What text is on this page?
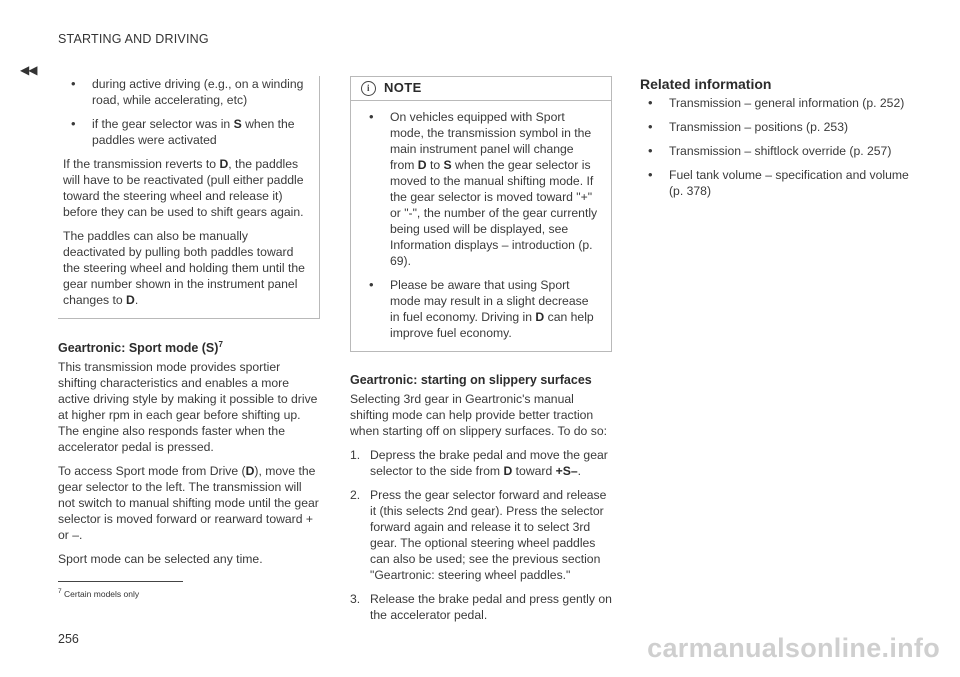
STARTING AND DRIVING
◀◀
• during active driving (e.g., on a winding road, while accelerating, etc)
• if the gear selector was in S when the paddles were activated

If the transmission reverts to D, the paddles will have to be reactivated (pull either paddle toward the steering wheel and release it) before they can be used to shift gears again.

The paddles can also be manually deactivated by pulling both paddles toward the steering wheel and holding them until the gear number shown in the instrument panel changes to D.

Geartronic: Sport mode $(S)^7$

This transmission mode provides sportier shifting characteristics and enables a more active driving style by making it possible to drive at higher rpm in each gear before shifting up. The engine also responds faster when the accelerator pedal is pressed.

To access Sport mode from Drive (D), move the gear selector to the left. The transmission will not switch to manual shifting mode until the gear selector is moved forward or rearward toward + or –.

Sport mode can be selected any time.

i	NOTE
• On vehicles equipped with Sport mode, the transmission symbol in the main instrument panel will change from D to S when the gear selector is moved to the manual shifting mode. If the gear selector is moved toward "+" or "-", the number of the gear currently being used will be displayed, see Information displays – introduction (p. 69).
• Please be aware that using Sport mode may result in a slight decrease in fuel economy. Driving in D can help improve fuel economy.
Geartronic: starting on slippery surfaces

Selecting 3rd gear in Geartronic's manual shifting mode can help provide better traction when starting off on slippery surfaces. To do so:

1. Depress the brake pedal and move the gear selector to the side from D toward +S–.
2. Press the gear selector forward and release it (this selects 2nd gear). Press the selector forward again and release it to select 3rd gear. The optional steering wheel paddles can also be used; see the previous section "Geartronic: steering wheel paddles."
3. Release the brake pedal and press gently on the accelerator pedal.
Related information
• Transmission – general information (p. 252)
• Transmission – positions (p. 253)
• Transmission – shiftlock override (p. 257)
• Fuel tank volume – specification and volume (p. 378)
$^7$ Certain models only
256	carmanualsonline.info
